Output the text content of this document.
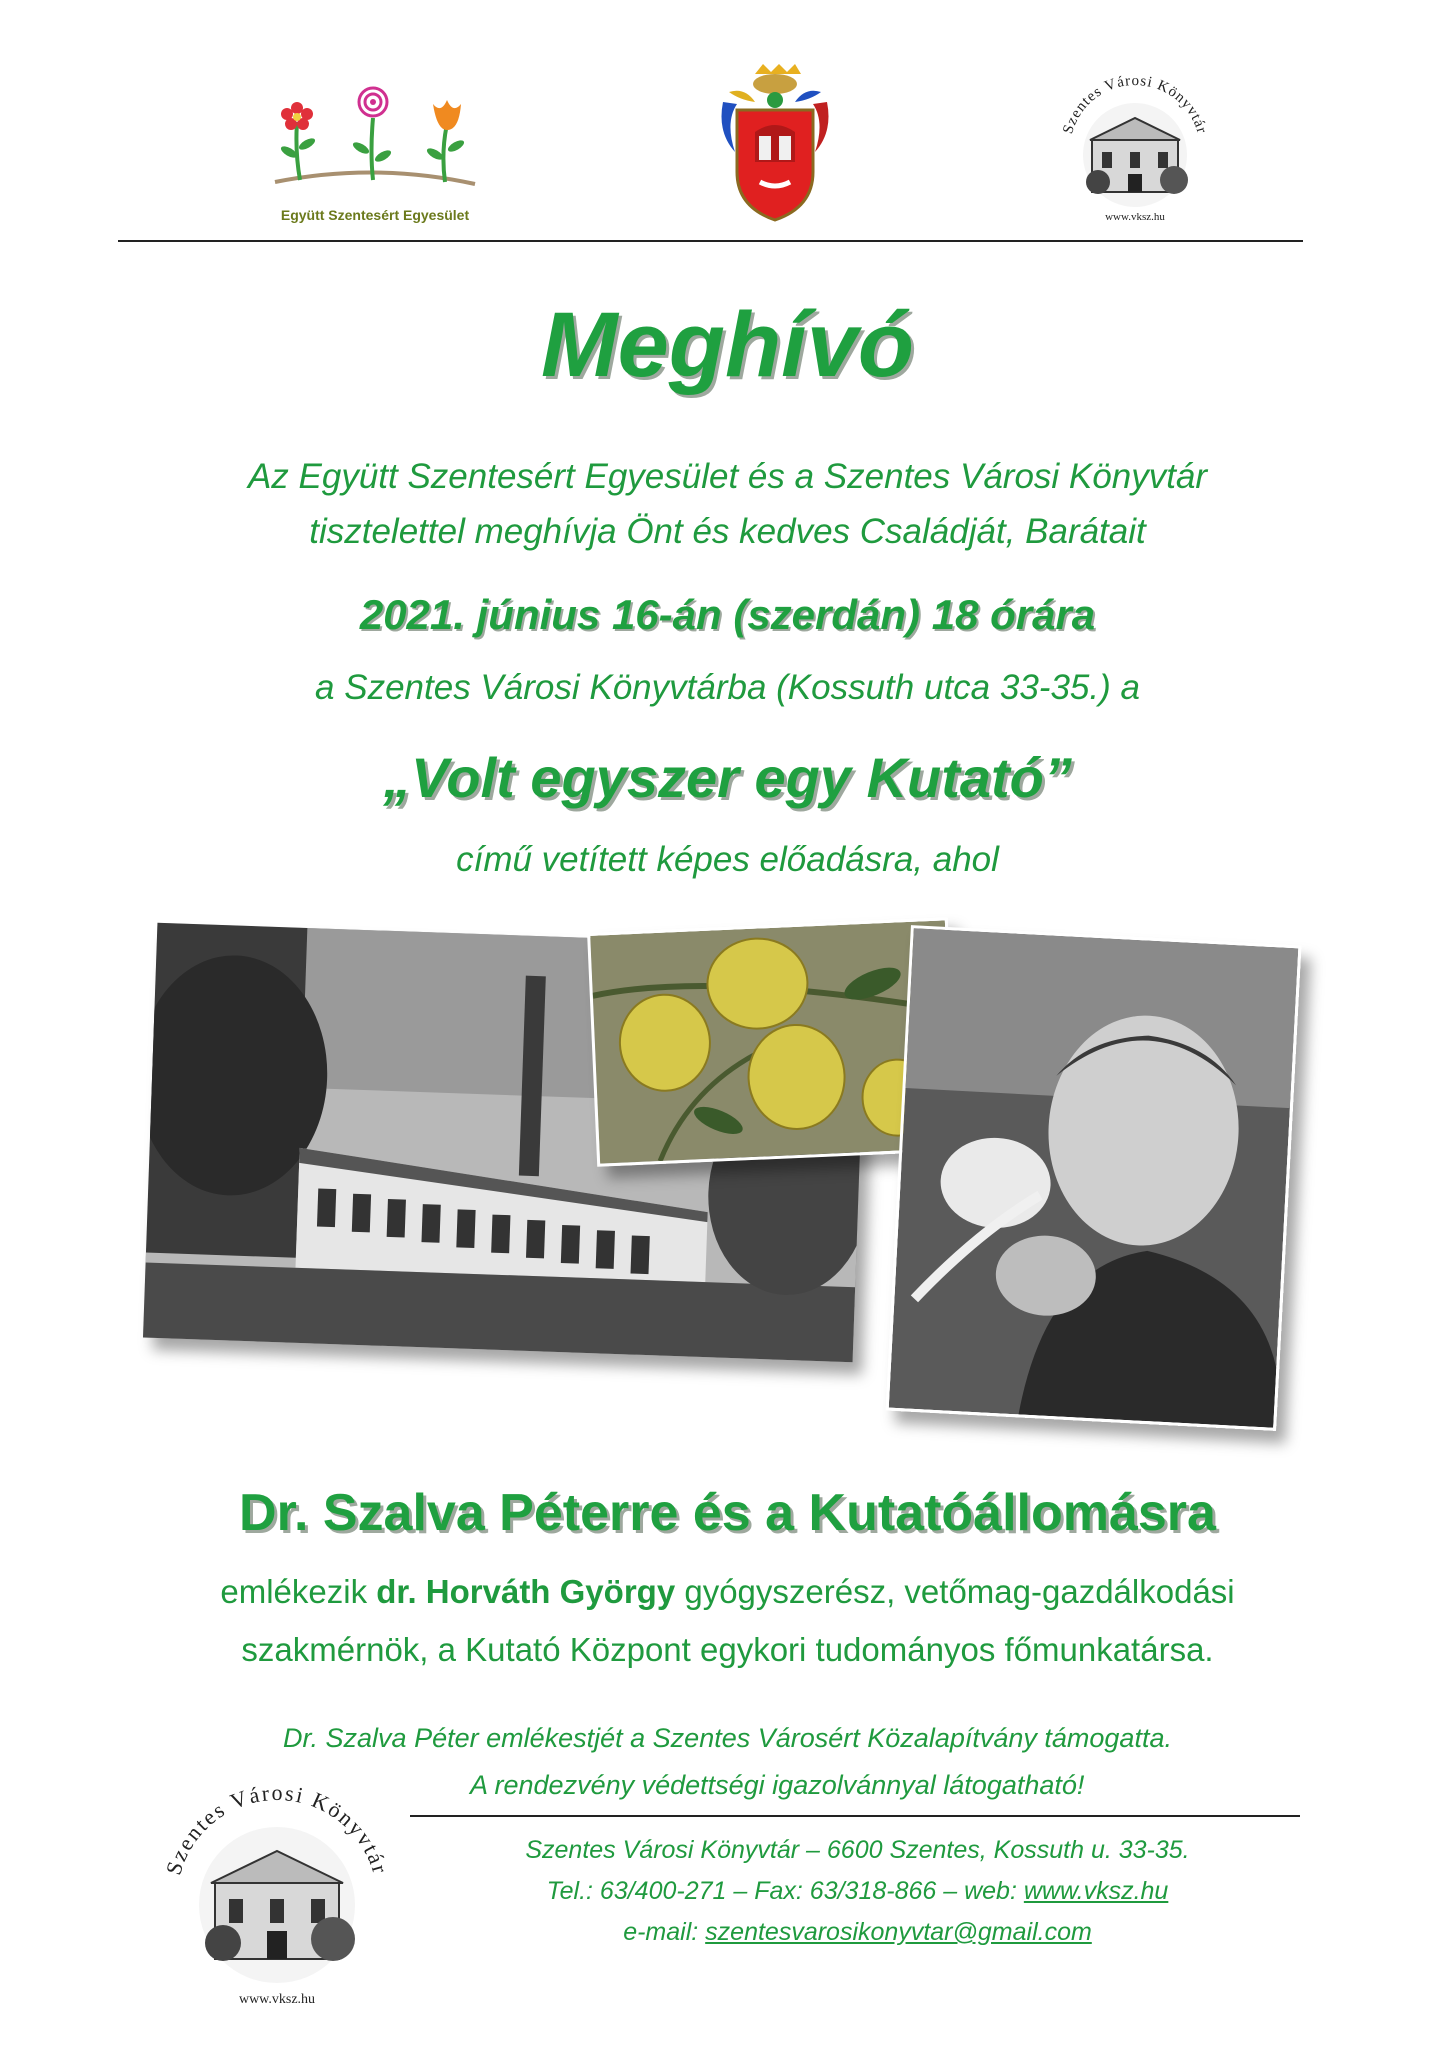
Együtt Szentesért Egyesület
Szentes Városi Könyvtár
www.vksz.hu
Meghívó
Az Együtt Szentesért Egyesület és a Szentes Városi Könyvtár
tisztelettel meghívja Önt és kedves Családját, Barátait
2021. június 16-án (szerdán) 18 órára
a Szentes Városi Könyvtárba (Kossuth utca 33-35.) a
„Volt egyszer egy Kutató”
című vetített képes előadásra, ahol
Dr. Szalva Péterre és a Kutatóállomásra
emlékezik dr. Horváth György gyógyszerész, vetőmag-gazdálkodási
szakmérnök, a Kutató Központ egykori tudományos főmunkatársa.
Dr. Szalva Péter emlékestjét a Szentes Városért Közalapítvány támogatta.
A rendezvény védettségi igazolvánnyal látogatható!
Szentes Városi Könyvtár
www.vksz.hu
Szentes Városi Könyvtár – 6600 Szentes, Kossuth u. 33-35.
Tel.: 63/400-271 – Fax: 63/318-866 – web: www.vksz.hu
e-mail: szentesvarosikonyvtar@gmail.com
